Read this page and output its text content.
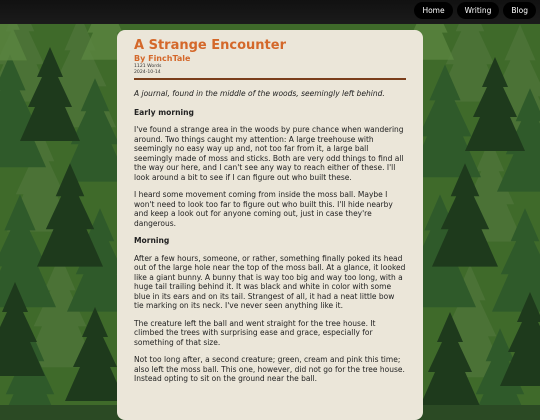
Home	Writing	Blog
A Strange Encounter
By FinchTale
1121 Words
2024-10-14

A journal, found in the middle of the woods, seemingly left behind.

Early morning

I've found a strange area in the woods by pure chance when wandering around. Two things caught my attention: A large treehouse with seemingly no easy way up and, not too far from it, a large ball seemingly made of moss and sticks. Both are very odd things to find all the way our here, and I can't see any way to reach either of these. I'll look around a bit to see if I can figure out who built these.

I heard some movement coming from inside the moss ball. Maybe I won't need to look too far to figure out who built this. I'll hide nearby and keep a look out for anyone coming out, just in case they're dangerous.

Morning

After a few hours, someone, or rather, something finally poked its head out of the large hole near the top of the moss ball. At a glance, it looked like a giant bunny. A bunny that is way too big and way too long, with a huge tail trailing behind it. It was black and white in color with some blue in its ears and on its tail. Strangest of all, it had a neat little bow tie marking on its neck. I've never seen anything like it.

The creature left the ball and went straight for the tree house. It climbed the trees with surprising ease and grace, especially for something of that size.

Not too long after, a second creature; green, cream and pink this time; also left the moss ball. This one, however, did not go for the tree house. Instead opting to sit on the ground near the ball.
